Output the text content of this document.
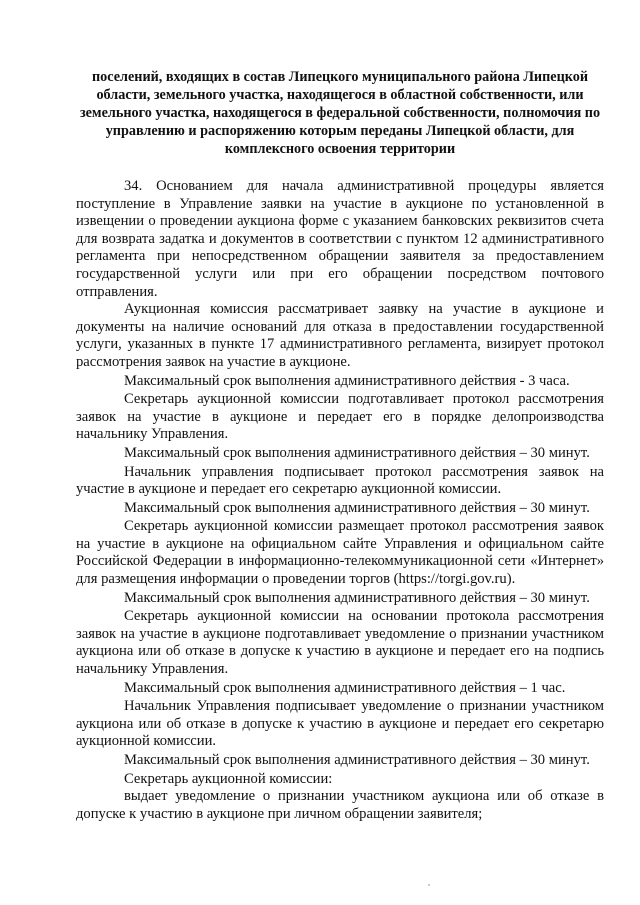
поселений, входящих в состав Липецкого муниципального района Липецкой области, земельного участка, находящегося в областной собственности, или земельного участка, находящегося в федеральной собственности, полномочия по управлению и распоряжению которым переданы Липецкой области, для комплексного освоения территории

34. Основанием для начала административной процедуры является поступление в Управление заявки на участие в аукционе по установленной в извещении о проведении аукциона форме с указанием банковских реквизитов счета для возврата задатка и документов в соответствии с пунктом 12 административного регламента при непосредственном обращении заявителя за предоставлением государственной услуги или при его обращении посредством почтового отправления.

Аукционная комиссия рассматривает заявку на участие в аукционе и документы на наличие оснований для отказа в предоставлении государственной услуги, указанных в пункте 17 административного регламента, визирует протокол рассмотрения заявок на участие в аукционе.

Максимальный срок выполнения административного действия - 3 часа.

Секретарь аукционной комиссии подготавливает протокол рассмотрения заявок на участие в аукционе и передает его в порядке делопроизводства начальнику Управления.

Максимальный срок выполнения административного действия – 30 минут.

Начальник управления подписывает протокол рассмотрения заявок на участие в аукционе и передает его секретарю аукционной комиссии.

Максимальный срок выполнения административного действия – 30 минут.

Секретарь аукционной комиссии размещает протокол рассмотрения заявок на участие в аукционе на официальном сайте Управления и официальном сайте Российской Федерации в информационно-телекоммуникационной сети «Интернет» для размещения информации о проведении торгов (https://torgi.gov.ru).

Максимальный срок выполнения административного действия – 30 минут.

Секретарь аукционной комиссии на основании протокола рассмотрения заявок на участие в аукционе подготавливает уведомление о признании участником аукциона или об отказе в допуске к участию в аукционе и передает его на подпись начальнику Управления.

Максимальный срок выполнения административного действия – 1 час.

Начальник Управления подписывает уведомление о признании участником аукциона или об отказе в допуске к участию в аукционе и передает его секретарю аукционной комиссии.

Максимальный срок выполнения административного действия – 30 минут.

Секретарь аукционной комиссии:

выдает уведомление о признании участником аукциона или об отказе в допуске к участию в аукционе при личном обращении заявителя;
